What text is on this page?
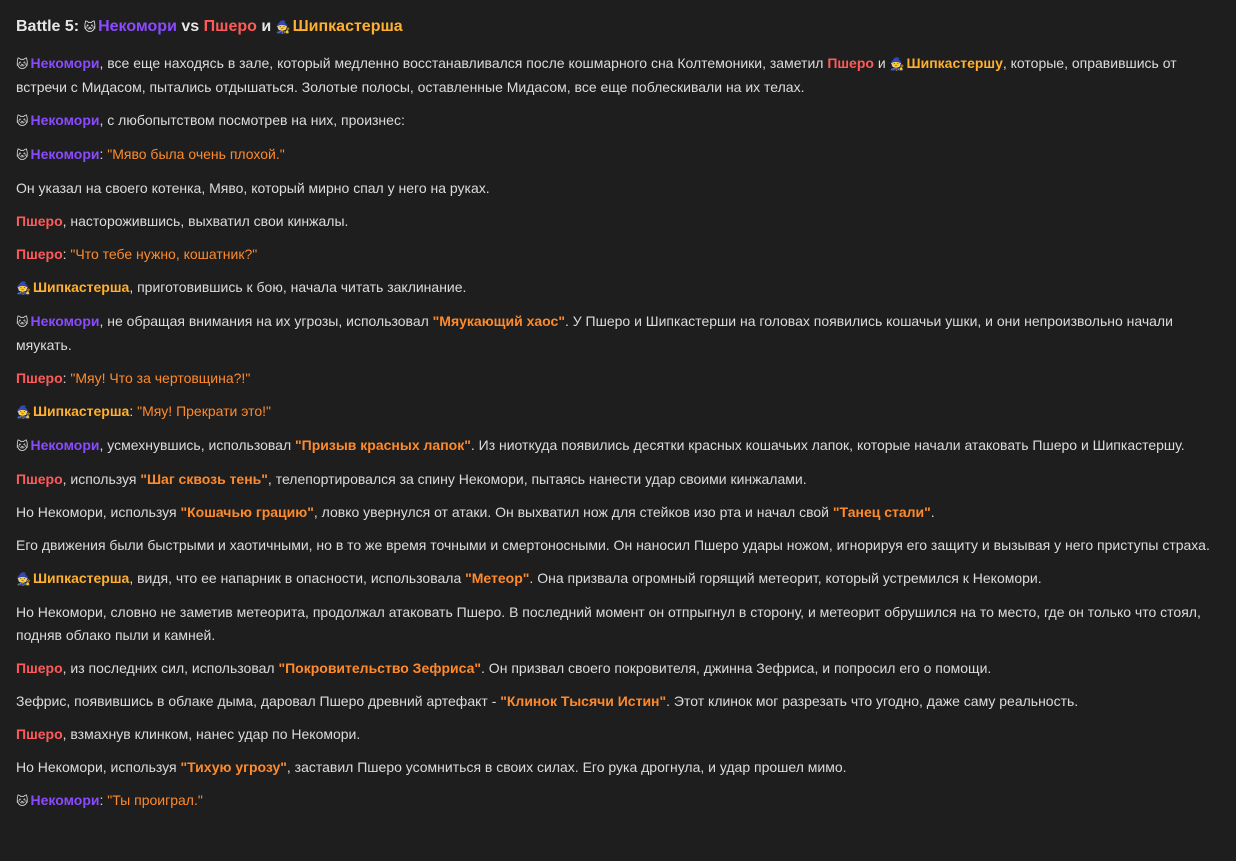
Battle 5: 🐱 Некомори vs Пшеро и 🧙 Шипкастерша

🐱 Некомори, все еще находясь в зале, который медленно восстанавливался после кошмарного сна Колтемоники, заметил Пшеро и 🧙 Шипкастершу, которые, оправившись от встречи с Мидасом, пытались отдышаться. Золотые полосы, оставленные Мидасом, все еще поблескивали на их телах.

🐱 Некомори, с любопытством посмотрев на них, произнес:

🐱 Некомори: "Мяво была очень плохой."

Он указал на своего котенка, Мяво, который мирно спал у него на руках.

Пшеро, насторожившись, выхватил свои кинжалы.

Пшеро: "Что тебе нужно, кошатник?"

🧙 Шипкастерша, приготовившись к бою, начала читать заклинание.

🐱 Некомори, не обращая внимания на их угрозы, использовал "Мяукающий хаос". У Пшеро и Шипкастерши на головах появились кошачьи ушки, и они непроизвольно начали мяукать.

Пшеро: "Мяу! Что за чертовщина?!"

🧙 Шипкастерша: "Мяу! Прекрати это!"

🐱 Некомори, усмехнувшись, использовал "Призыв красных лапок". Из ниоткуда появились десятки красных кошачьих лапок, которые начали атаковать Пшеро и Шипкастершу.

Пшеро, используя "Шаг сквозь тень", телепортировался за спину Некомори, пытаясь нанести удар своими кинжалами.

Но Некомори, используя "Кошачью грацию", ловко увернулся от атаки. Он выхватил нож для стейков изо рта и начал свой "Танец стали".

Его движения были быстрыми и хаотичными, но в то же время точными и смертоносными. Он наносил Пшеро удары ножом, игнорируя его защиту и вызывая у него приступы страха.

🧙 Шипкастерша, видя, что ее напарник в опасности, использовала "Метеор". Она призвала огромный горящий метеорит, который устремился к Некомори.

Но Некомори, словно не заметив метеорита, продолжал атаковать Пшеро. В последний момент он отпрыгнул в сторону, и метеорит обрушился на то место, где он только что стоял, подняв облако пыли и камней.

Пшеро, из последних сил, использовал "Покровительство Зефриса". Он призвал своего покровителя, джинна Зефриса, и попросил его о помощи.

Зефрис, появившись в облаке дыма, даровал Пшеро древний артефакт - "Клинок Тысячи Истин". Этот клинок мог разрезать что угодно, даже саму реальность.

Пшеро, взмахнув клинком, нанес удар по Некомори.

Но Некомори, используя "Тихую угрозу", заставил Пшеро усомниться в своих силах. Его рука дрогнула, и удар прошел мимо.

🐱 Некомори: "Ты проиграл."
